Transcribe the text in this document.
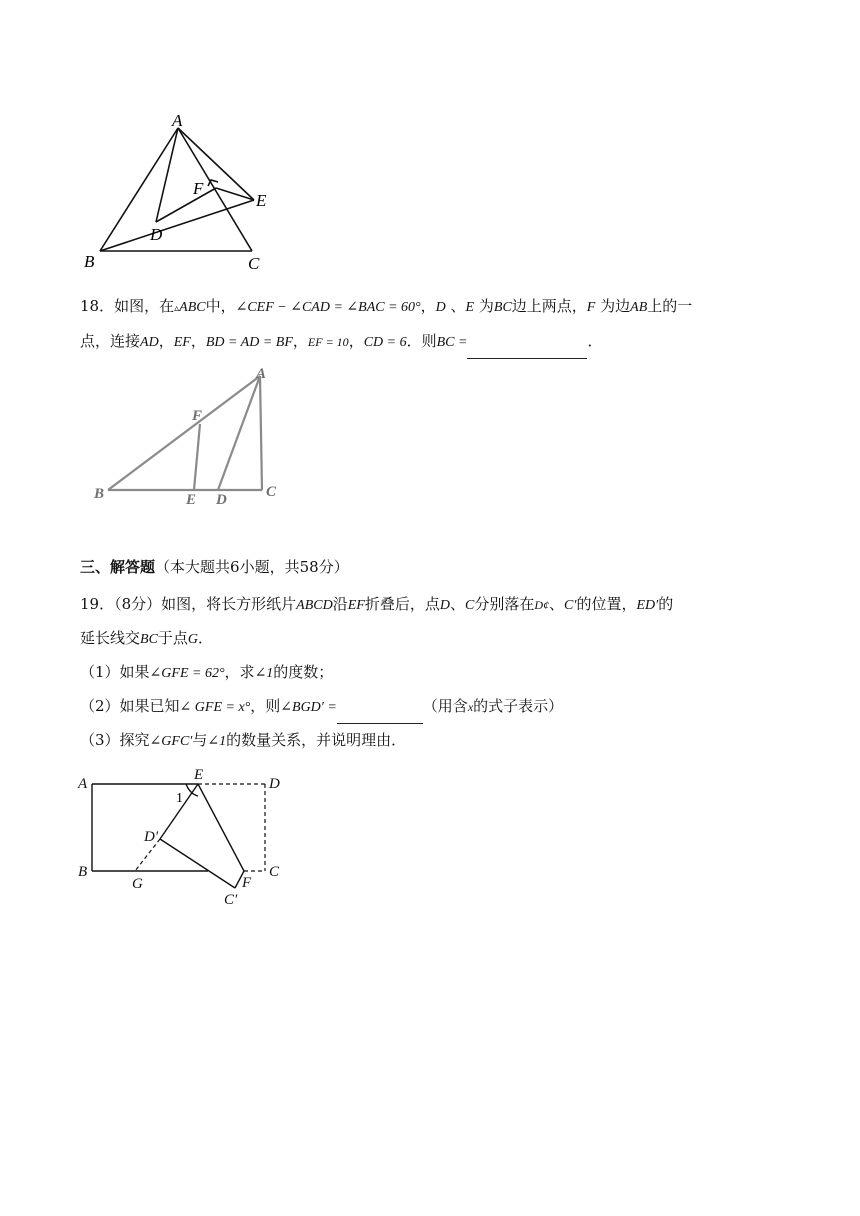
A
B	C
D
E
F
18．如图，在▵ABC中，∠CEF − ∠CAD = ∠BAC = 60°，D 、E 为BC边上两点，F 为边AB上的一
点，连接AD，EF，BD = AD = BF，EF = 10，CD = 6．则BC =	．
A
B	C
D
E
F
三、解答题（本大题共6小题，共58分）
19．（8分）如图，将长方形纸片ABCD沿EF折叠后，点D、C分别落在D¢、C′的位置，ED′的
延长线交BC于点G．
（1）如果∠GFE = 62°，求∠1的度数；
（2）如果已知∠ GFE = x°，则∠BGD′ =	（用含x的式子表示）
（3）探究∠GFC′与∠1的数量关系，并说明理由．
A
B	C
D
E
F
G
D′
C′
1
